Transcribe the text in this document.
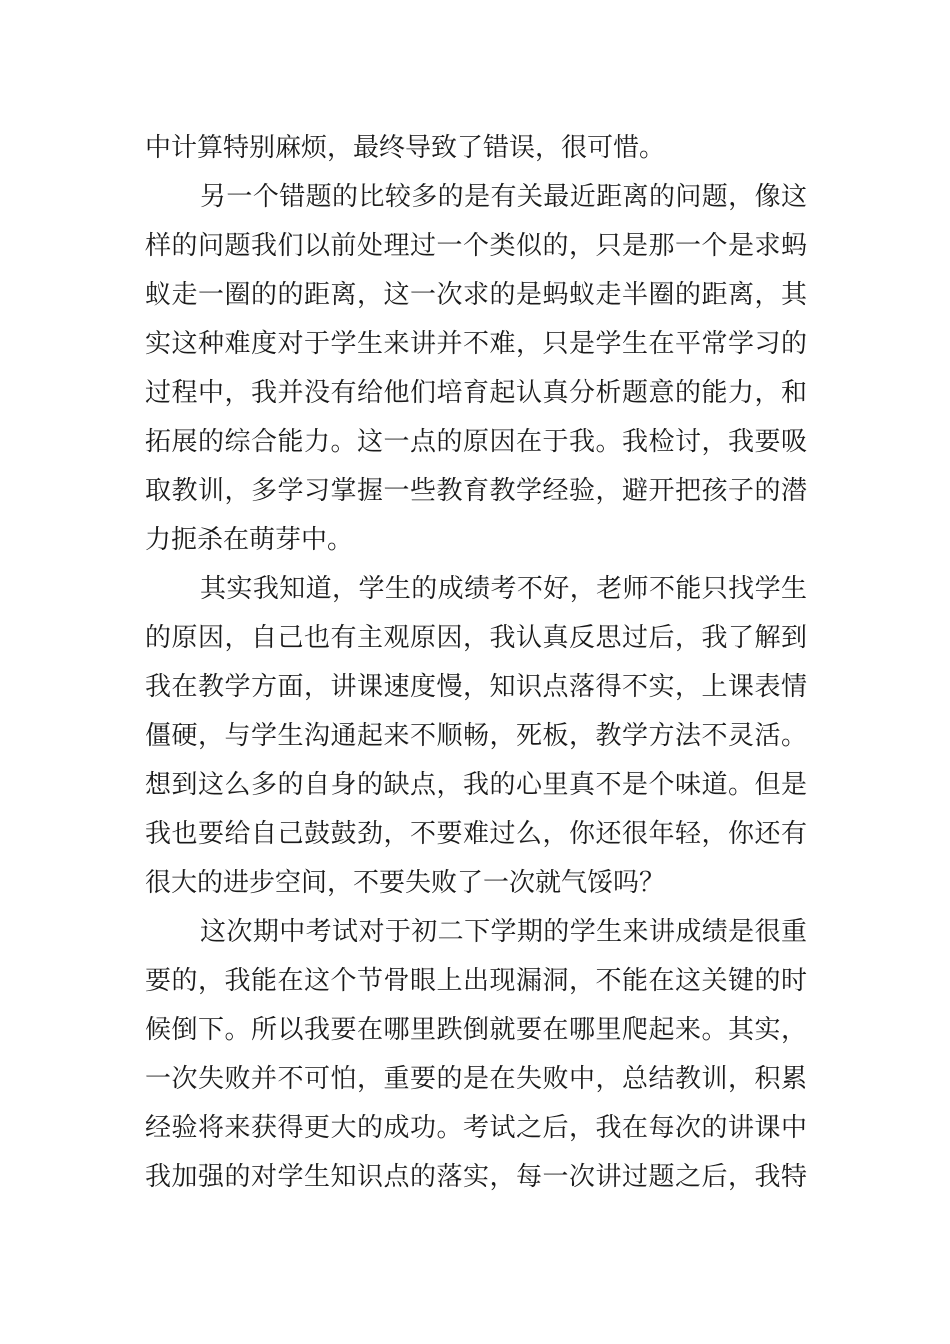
中计算特别麻烦，最终导致了错误，很可惜。
另一个错题的比较多的是有关最近距离的问题，像这
样的问题我们以前处理过一个类似的，只是那一个是求蚂
蚁走一圈的的距离，这一次求的是蚂蚁走半圈的距离，其
实这种难度对于学生来讲并不难，只是学生在平常学习的
过程中，我并没有给他们培育起认真分析题意的能力，和
拓展的综合能力。这一点的原因在于我。我检讨，我要吸
取教训，多学习掌握一些教育教学经验，避开把孩子的潜
力扼杀在萌芽中。
其实我知道，学生的成绩考不好，老师不能只找学生
的原因，自己也有主观原因，我认真反思过后，我了解到
我在教学方面，讲课速度慢，知识点落得不实，上课表情
僵硬，与学生沟通起来不顺畅，死板，教学方法不灵活。
想到这么多的自身的缺点，我的心里真不是个味道。但是
我也要给自己鼓鼓劲，不要难过么，你还很年轻，你还有
很大的进步空间，不要失败了一次就气馁吗？
这次期中考试对于初二下学期的学生来讲成绩是很重
要的，我能在这个节骨眼上出现漏洞，不能在这关键的时
候倒下。所以我要在哪里跌倒就要在哪里爬起来。其实，
一次失败并不可怕，重要的是在失败中，总结教训，积累
经验将来获得更大的成功。考试之后，我在每次的讲课中
我加强的对学生知识点的落实，每一次讲过题之后，我特
